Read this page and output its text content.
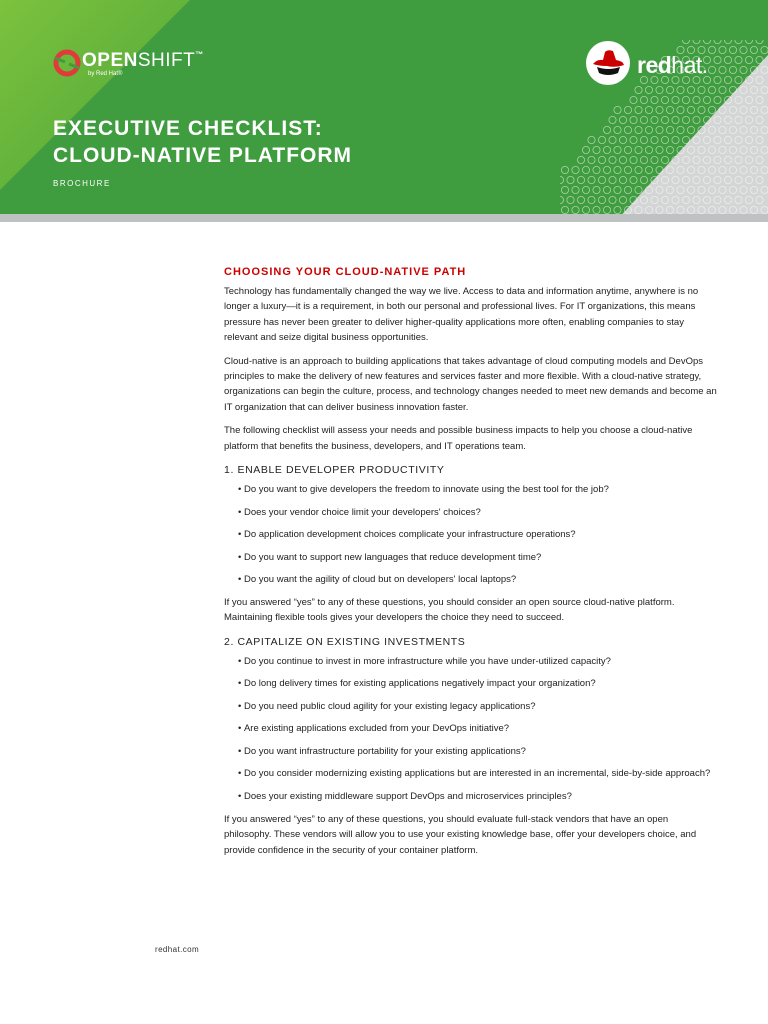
OPENSHIFT™
by Red Hat®	redhat.
EXECUTIVE CHECKLIST:
CLOUD-NATIVE PLATFORM
BROCHURE
CHOOSING YOUR CLOUD-NATIVE PATH

Technology has fundamentally changed the way we live. Access to data and information anytime, anywhere is no longer a luxury—it is a requirement, in both our personal and professional lives. For IT organizations, this means pressure has never been greater to deliver higher-quality applications more often, enabling companies to stay relevant and seize digital business opportunities.

Cloud-native is an approach to building applications that takes advantage of cloud computing models and DevOps principles to make the delivery of new features and services faster and more flexible. With a cloud-native strategy, organizations can begin the culture, process, and technology changes needed to meet new demands and become an IT organization that can deliver business innovation faster.

The following checklist will assess your needs and possible business impacts to help you choose a cloud-native platform that benefits the business, developers, and IT operations team.

1. ENABLE DEVELOPER PRODUCTIVITY
• Do you want to give developers the freedom to innovate using the best tool for the job?
• Does your vendor choice limit your developers' choices?
• Do application development choices complicate your infrastructure operations?
• Do you want to support new languages that reduce development time?
• Do you want the agility of cloud but on developers' local laptops?

If you answered “yes” to any of these questions, you should consider an open source cloud-native platform. Maintaining flexible tools gives your developers the choice they need to succeed.

2. CAPITALIZE ON EXISTING INVESTMENTS
• Do you continue to invest in more infrastructure while you have under-utilized capacity?
• Do long delivery times for existing applications negatively impact your organization?
• Do you need public cloud agility for your existing legacy applications?
• Are existing applications excluded from your DevOps initiative?
• Do you want infrastructure portability for your existing applications?
• Do you consider modernizing existing applications but are interested in an incremental, side-by-side approach?
• Does your existing middleware support DevOps and microservices principles?

If you answered “yes” to any of these questions, you should evaluate full-stack vendors that have an open philosophy. These vendors will allow you to use your existing knowledge base, offer your developers choice, and provide confidence in the security of your container platform.

redhat.com
